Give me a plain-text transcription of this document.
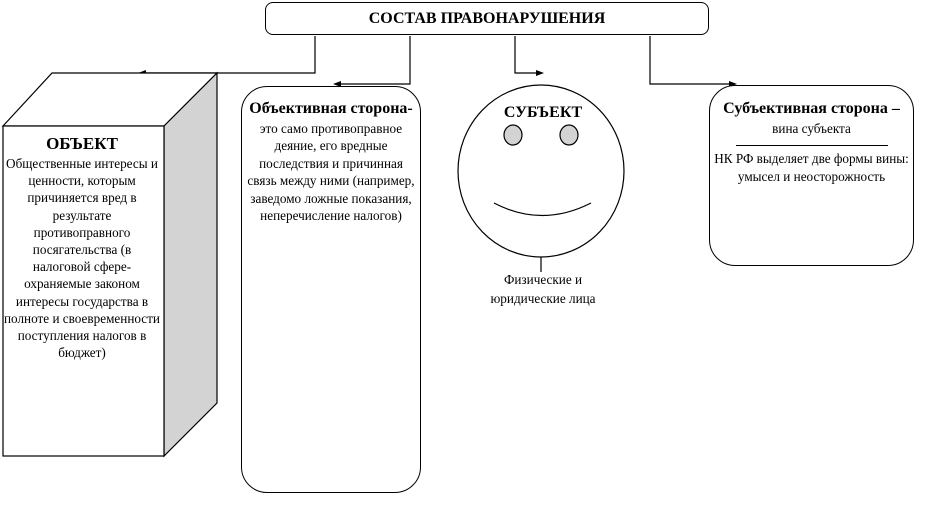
СОСТАВ ПРАВОНАРУШЕНИЯ
ОБЪЕКТ
Общественные интересы и ценности, которым причиняется вред в результате противоправного посягательства (в налоговой сфере- охраняемые законом интересы государства в полноте и своевременности поступления налогов в бюджет)
Объективная сторона-
это само противоправное деяние, его вредные последствия и причинная связь между ними (например, заведомо ложные показания, неперечисление налогов)
СУБЪЕКТ
Физические и юридические лица
Субъективная сторона –
вина субъекта
НК РФ выделяет две формы вины: умысел и неосторожность
